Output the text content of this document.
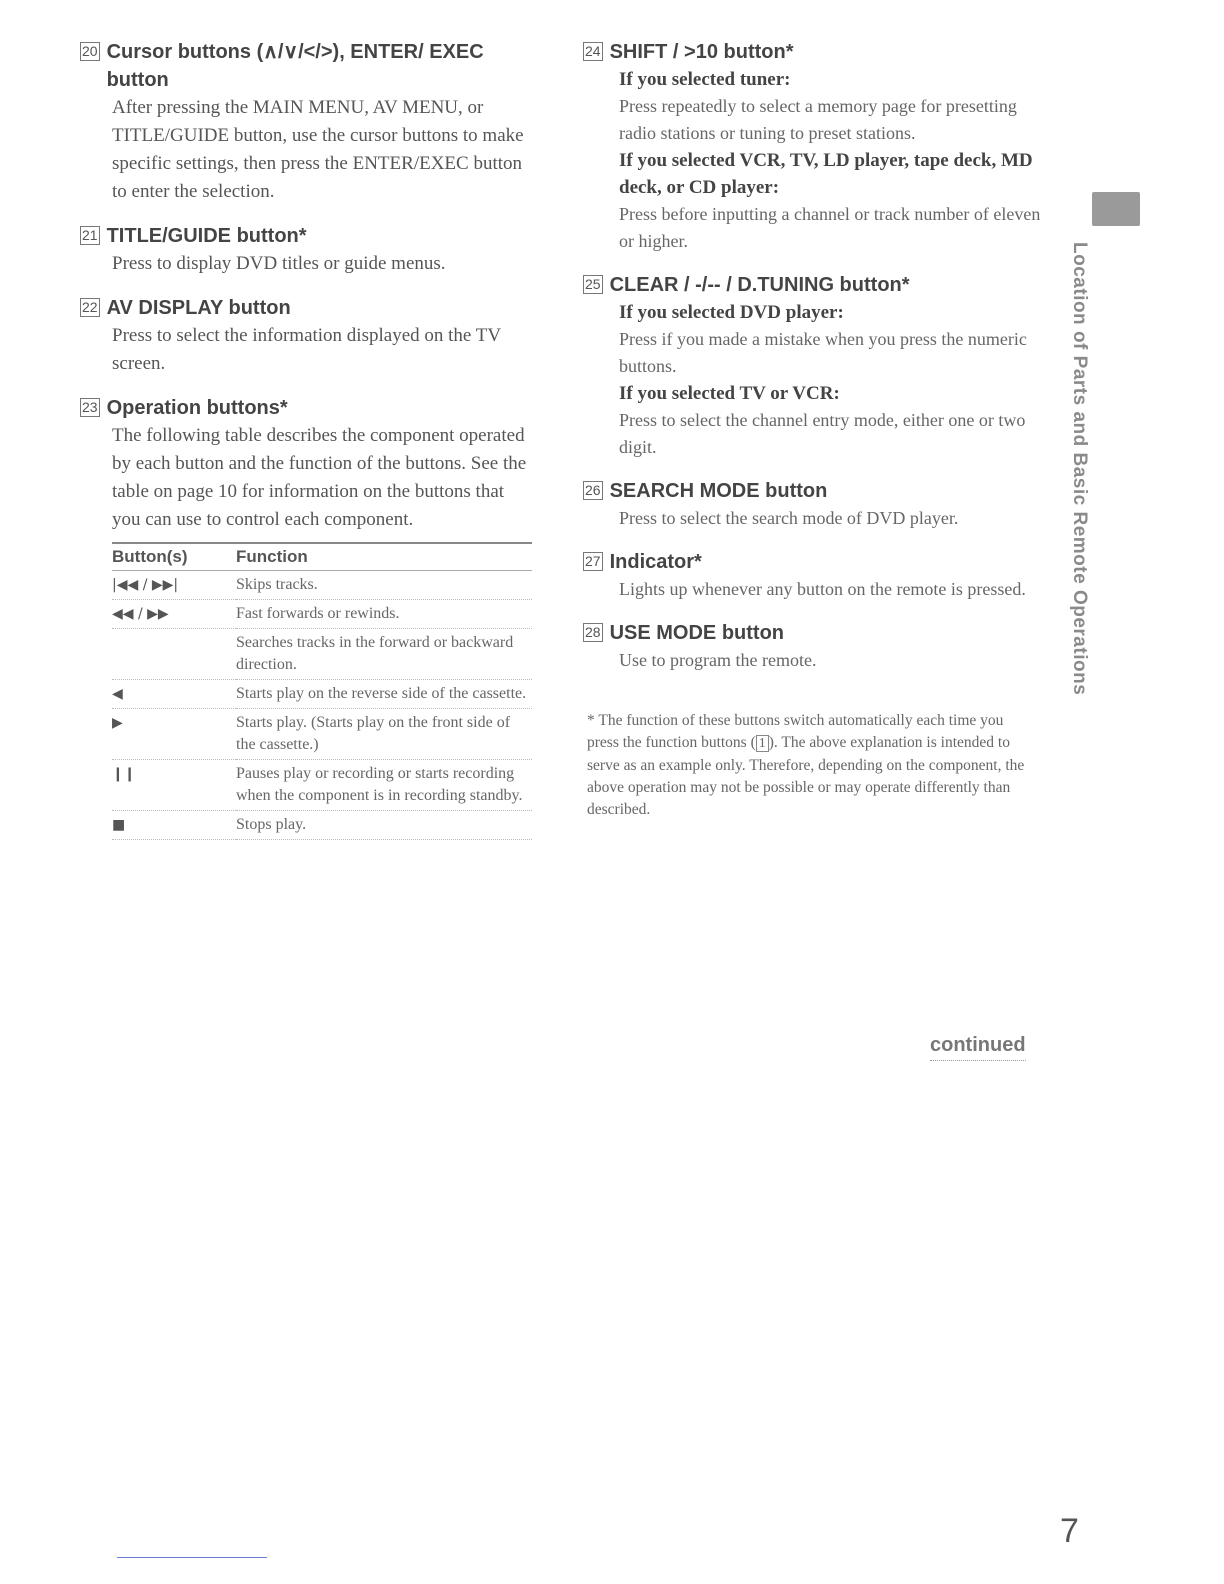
20 Cursor buttons (∧/∨/</>), ENTER/ EXEC button

After pressing the MAIN MENU, AV MENU, or TITLE/GUIDE button, use the cursor buttons to make specific settings, then press the ENTER/EXEC button to enter the selection.

21 TITLE/GUIDE button*

Press to display DVD titles or guide menus.

22 AV DISPLAY button

Press to select the information displayed on the TV screen.

23 Operation buttons*

The following table describes the component operated by each button and the function of the buttons. See the table on page 10 for information on the buttons that you can use to control each component.

Button(s)	Function
|◀◀ / ▶▶|	Skips tracks.
◀◀ / ▶▶	Fast forwards or rewinds.
	Searches tracks in the forward or backward direction.
◀	Starts play on the reverse side of the cassette.
▶	Starts play. (Starts play on the front side of the cassette.)
❙❙	Pauses play or recording or starts recording when the component is in recording standby.
■	Stops play.
24 SHIFT / >10 button*
If you selected tuner:

Press repeatedly to select a memory page for presetting radio stations or tuning to preset stations.

If you selected VCR, TV, LD player, tape deck, MD deck, or CD player:

Press before inputting a channel or track number of eleven or higher.

25 CLEAR / -/-- / D.TUNING button*
If you selected DVD player:

Press if you made a mistake when you press the numeric buttons.

If you selected TV or VCR:

Press to select the channel entry mode, either one or two digit.

26 SEARCH MODE button

Press to select the search mode of DVD player.

27 Indicator*

Lights up whenever any button on the remote is pressed.

28 USE MODE button

Use to program the remote.

* The function of these buttons switch automatically each time you press the function buttons ( 1 ). The above explanation is intended to serve as an example only. Therefore, depending on the component, the above operation may not be possible or may operate differently than described.
continued
Location of Parts and Basic Remote Operations
7
